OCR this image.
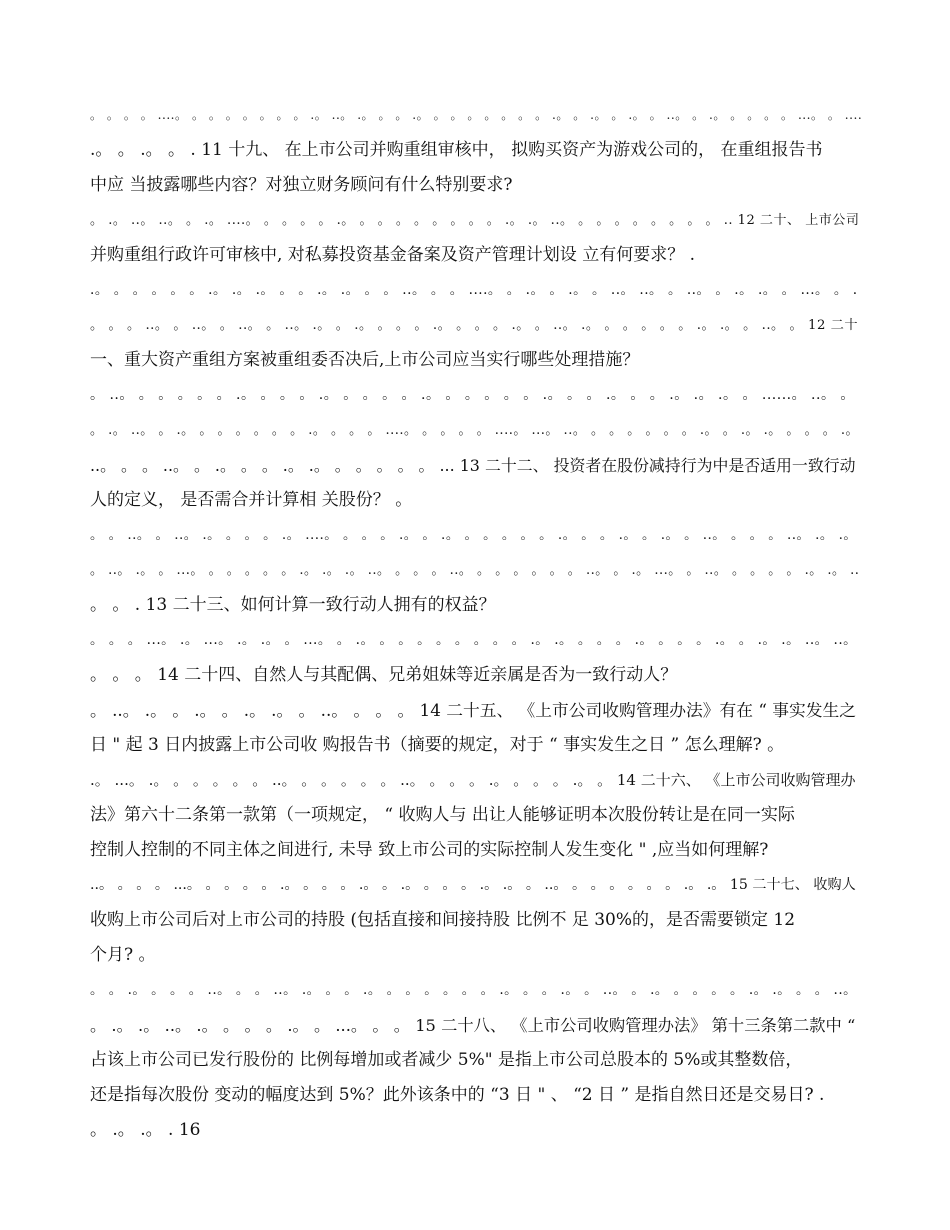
。 。 。 。 ....。 。 。 。 。 。 。 。 .。 ..。 .。 。 。 .。 。 。 。 。 。 。 。 .。 。 .。 。 .。 。 ..。 。 .。 。 。 。 。 ...。 。 ....
.。 。 .。 。 . 11 十九、 在上市公司并购重组审核中， 拟购买资产为游戏公司的， 在重组报告书
中应 当披露哪些内容？对独立财务顾问有什么特别要求?
。 .。 ..。 ..。 。 .。 ....。 。 。 。 。 .。 。 。 。 。 。 。 。 。 .。 .。 ..。 。 。 。 。 。 。 。 。 .. 12 二十、 上市公司
并购重组行政许可审核中, 对私募投资基金备案及资产管理计划设 立有何要求？ .
.。 。 。 。 。 。 .。 .。 .。 。 。 .。 .。 。 。 ..。 。 。 ....。 。 .。 。 .。 。 ..。 ..。 。 ..。 。 .。 .。 。 ...。 。 .
。 。 。 ..。 。 ..。 。 ..。 。 ..。 .。 。 .。 。 。 。 .。 。 。 。 .。 。 ..。 .。 。 。 。 。 。 .。 .。 。 ..。 。 12 二十
一、重大资产重组方案被重组委否决后,上市公司应当实行哪些处理措施？
。 ..。 。 。 。 。 。 .。 。 。 。 .。 。 。 。 。 .。 。 。 。 。 。 .。 。 。 .。 。 。 .。 .。 .。 。 ......。 ..。 。
。 .。 ..。 。 .。 。 。 。 。 。 。 .。 。 。 。 ....。 。 。 。 。 ....。 ...。 ..。 。 。 。 。 。 。 .。 。 .。 .。 。 。 。 .。
..。 。 。 ..。 。 .。 。 。 .。 .。 。 。 。 。 。 ... 13 二十二、 投资者在股份减持行为中是否适用一致行动
人的定义， 是否需合并计算相 关股份？ 。
。 。 ..。 。 ..。 .。 。 。 。 .。 ....。 。 。 。 .。 。 .。 。 。 。 。 。 .。 。 。 .。 。 .。 。 ..。 。 。 。 ..。 .。 .。
。 ..。 .。 。 ...。 。 。 。 。 。 .。 .。 .。 ..。 。 。 。 ..。 。 。 。 。 。 。 ..。 。 .。 ...。 。 ..。 。 。 。 。 .。 .。 ..
。 。 . 13 二十三、如何计算一致行动人拥有的权益？
。 。 。 ...。 .。 ...。 .。 .。 。 ...。 。 .。 。 。 。 。 。 。 。 。 .。 .。 。 。 。 .。 。 。 。 .。 。 .。 .。 ..。 ..。
。 。 。 14 二十四、自然人与其配偶、兄弟姐妹等近亲属是否为一致行动人？
。 ..。 .。 。 .。 。 .。 .。 。 ..。 。 。 。 14 二十五、 《上市公司收购管理办法》有在 “ 事实发生之
日 " 起 3 日内披露上市公司收 购报告书（摘要的规定，对于 “ 事实发生之日 ” 怎么理解? 。
.。 ...。 .。 。 。 。 。 。 ..。 。 。 。 。 。 ..。 。 。 。 .。 。 。 。 .。 。 14 二十六、 《上市公司收购管理办
法》第六十二条第一款第（一项规定， “ 收购人与 出让人能够证明本次股份转让是在同一实际
控制人控制的不同主体之间进行, 未导 致上市公司的实际控制人发生变化 " ,应当如何理解?
..。 。 。 。 ...。 。 。 。 。 .。 。 。 。 .。 。 .。 。 。 。 .。 .。 。 ..。 。 。 。 。 。 。 .。 .。 15 二十七、 收购人
收购上市公司后对上市公司的持股 (包括直接和间接持股 比例不 足 30%的，是否需要锁定 12
个月? 。
。 。 .。 。 。 。 ..。 。 。 ..。 .。 。 。 .。 。 。 。 。 。 。 .。 。 。 .。 。 ..。 。 .。 。 。 。 。 .。 .。 。 。 ..。
。 .。 .。 ..。 .。 。 。 。 .。 。 ...。 。 。 15 二十八、 《上市公司收购管理办法》 第十三条第二款中 “
占该上市公司已发行股份的 比例每增加或者减少 5%" 是指上市公司总股本的 5%或其整数倍，
还是指每次股份 变动的幅度达到 5%？此外该条中的 “3 日 " 、 “2 日 ” 是指自然日还是交易日? .
。 .。 .。 . 16
